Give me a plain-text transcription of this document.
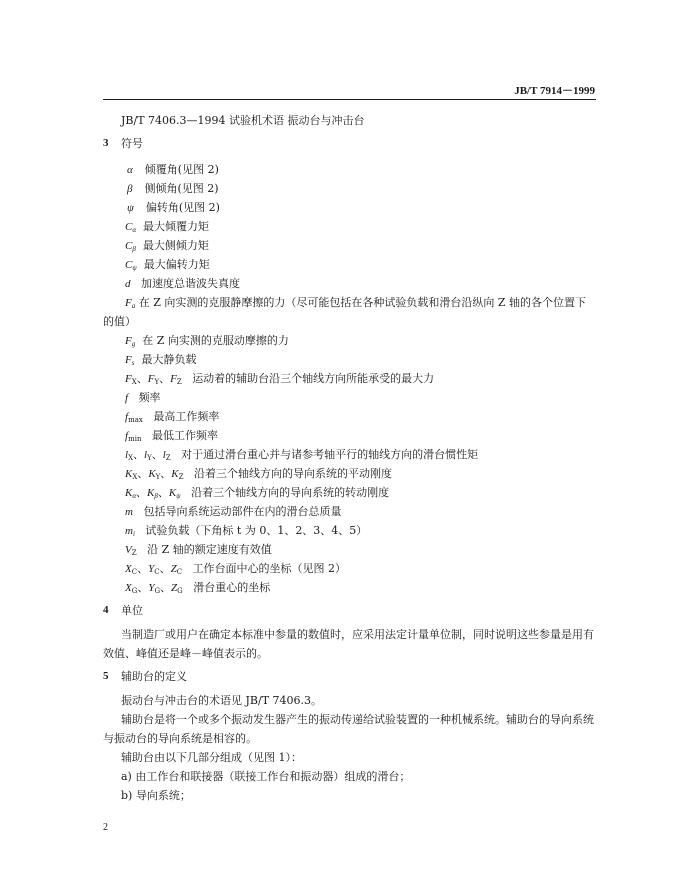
JB/T 7914－1999
JB/T 7406.3—1994 试验机术语 振动台与冲击台
3 符号
α 倾覆角(见图 2)
β 侧倾角(见图 2)
ψ 偏转角(见图 2)
$C_\alpha$ 最大倾覆力矩
$C_\beta$ 最大侧倾力矩
$C_\psi$ 最大偏转力矩
d 加速度总谐波失真度
$F_a$ 在 Z 向实测的克服静摩擦的力（尽可能包括在各种试验负载和滑台沿纵向 Z 轴的各个位置下
的值）
$F_g$ 在 Z 向实测的克服动摩擦的力
$F_s$ 最大静负载
$F_X$、$F_Y$、$F_Z$ 运动着的辅助台沿三个轴线方向所能承受的最大力
f 频率
$f_{max}$ 最高工作频率
$f_{min}$ 最低工作频率
$l_X$、$l_Y$、$l_Z$ 对于通过滑台重心并与诸参考轴平行的轴线方向的滑台惯性矩
$K_X$、$K_Y$、$K_Z$ 沿着三个轴线方向的导向系统的平动刚度
$K_\alpha$、$K_\beta$、$K_\psi$ 沿着三个轴线方向的导向系统的转动刚度
m 包括导向系统运动部件在内的滑台总质量
$m_i$ 试验负载（下角标 t 为 0、1、2、3、4、5）
$V_Z$ 沿 Z 轴的额定速度有效值
$X_C$、$Y_C$、$Z_C$ 工作台面中心的坐标（见图 2）
$X_G$、$Y_G$、$Z_G$ 滑台重心的坐标
4 单位
当制造厂或用户在确定本标准中参量的数值时，应采用法定计量单位制，同时说明这些参量是用有
效值、峰值还是峰－峰值表示的。
5 辅助台的定义
振动台与冲击台的术语见 JB/T 7406.3。
辅助台是将一个或多个振动发生器产生的振动传递给试验装置的一种机械系统。辅助台的导向系统
与振动台的导向系统是相容的。
辅助台由以下几部分组成（见图 1）：
a) 由工作台和联接器（联接工作台和振动器）组成的滑台；
b) 导向系统；
2
